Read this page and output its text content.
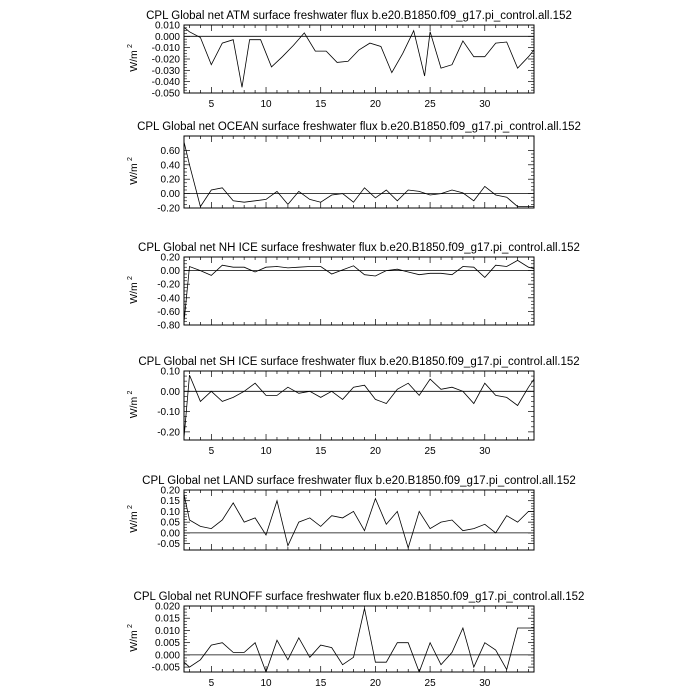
CPL Global net ATM surface freshwater flux b.e20.B1850.f09_g17.pi_control.all.152
5	10	15	20	25	30
0.010
0.000
-0.010
-0.020
-0.030
-0.040
-0.050
W/m
2
CPL Global net OCEAN surface freshwater flux b.e20.B1850.f09_g17.pi_control.all.152
0.60
0.40
0.20
0.00
-0.20
W/m
2
CPL Global net NH ICE surface freshwater flux b.e20.B1850.f09_g17.pi_control.all.152
0.20
0.00
-0.20
-0.40
-0.60
-0.80
W/m
2
CPL Global net SH ICE surface freshwater flux b.e20.B1850.f09_g17.pi_control.all.152
5	10	15	20	25	30
0.10
0.00
-0.10
-0.20
W/m
2
CPL Global net LAND surface freshwater flux b.e20.B1850.f09_g17.pi_control.all.152
0.20
0.15
0.10
0.05
0.00
-0.05
W/m
2
CPL Global net RUNOFF surface freshwater flux b.e20.B1850.f09_g17.pi_control.all.152
5	10	15	20	25	30
0.020
0.015
0.010
0.005
0.000
-0.005
W/m
2
